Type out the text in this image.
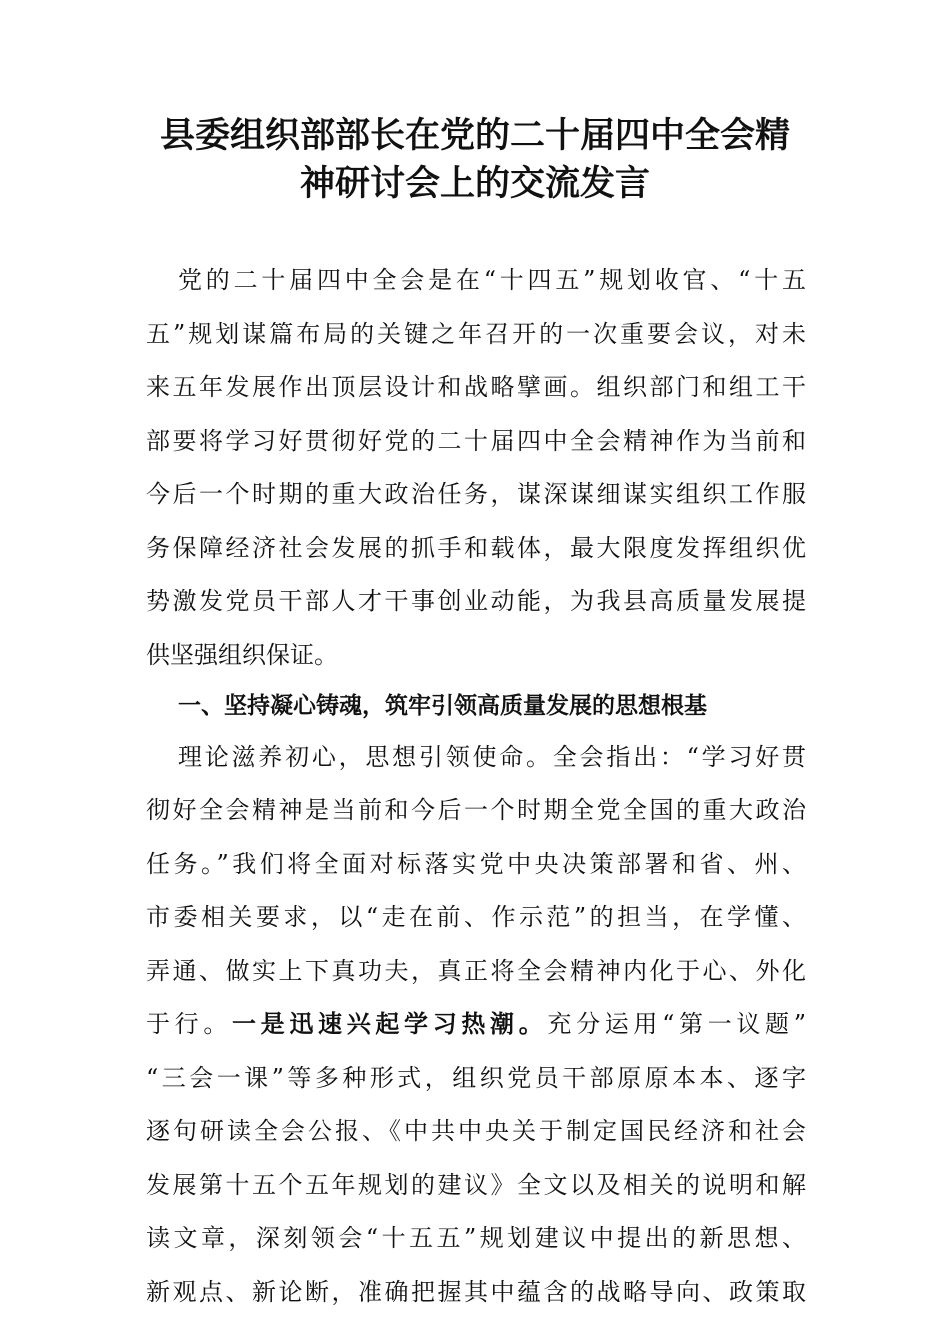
县委组织部部长在党的二十届四中全会精
神研讨会上的交流发言
党的二十届四中全会是在“十四五”规划收官、“十五
五”规划谋篇布局的关键之年召开的一次重要会议，对未
来五年发展作出顶层设计和战略擘画。组织部门和组工干
部要将学习好贯彻好党的二十届四中全会精神作为当前和
今后一个时期的重大政治任务，谋深谋细谋实组织工作服
务保障经济社会发展的抓手和载体，最大限度发挥组织优
势激发党员干部人才干事创业动能，为我县高质量发展提
供坚强组织保证。
一、坚持凝心铸魂，筑牢引领高质量发展的思想根基
理论滋养初心，思想引领使命。全会指出：“学习好贯
彻好全会精神是当前和今后一个时期全党全国的重大政治
任务。”我们将全面对标落实党中央决策部署和省、州、
市委相关要求，以“走在前、作示范”的担当，在学懂、
弄通、做实上下真功夫，真正将全会精神内化于心、外化
于行。一是迅速兴起学习热潮。充分运用“第一议题”
“三会一课”等多种形式，组织党员干部原原本本、逐字
逐句研读全会公报、《中共中央关于制定国民经济和社会
发展第十五个五年规划的建议》全文以及相关的说明和解
读文章，深刻领会“十五五”规划建议中提出的新思想、
新观点、新论断，准确把握其中蕴含的战略导向、政策取
